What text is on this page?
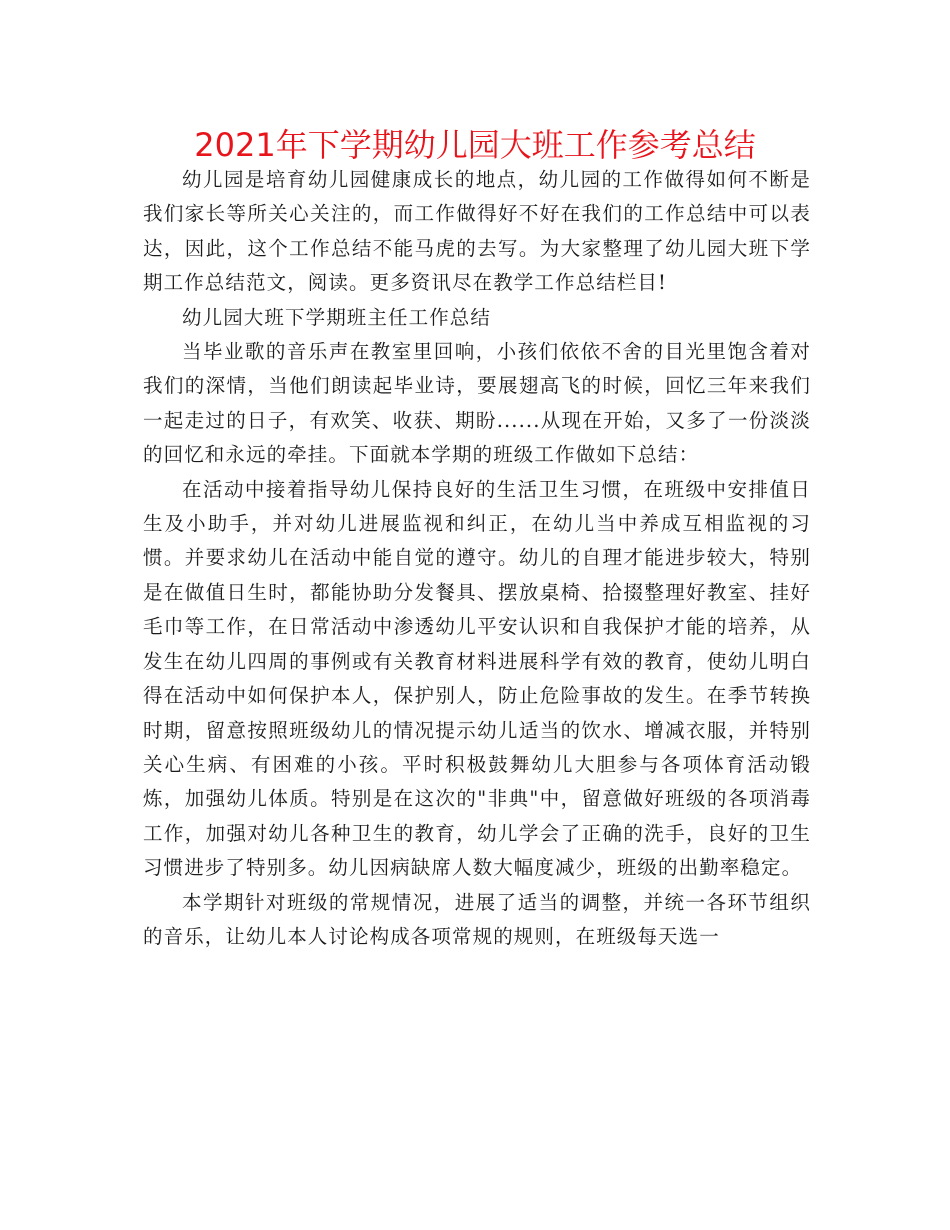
2021年下学期幼儿园大班工作参考总结

幼儿园是培育幼儿园健康成长的地点，幼儿园的工作做得如何不断是我们家长等所关心关注的，而工作做得好不好在我们的工作总结中可以表达，因此，这个工作总结不能马虎的去写。为大家整理了幼儿园大班下学期工作总结范文，阅读。更多资讯尽在教学工作总结栏目!

幼儿园大班下学期班主任工作总结

当毕业歌的音乐声在教室里回响，小孩们依依不舍的目光里饱含着对我们的深情，当他们朗读起毕业诗，要展翅高飞的时候，回忆三年来我们一起走过的日子，有欢笑、收获、期盼......从现在开始，又多了一份淡淡的回忆和永远的牵挂。下面就本学期的班级工作做如下总结：

在活动中接着指导幼儿保持良好的生活卫生习惯，在班级中安排值日生及小助手，并对幼儿进展监视和纠正，在幼儿当中养成互相监视的习惯。并要求幼儿在活动中能自觉的遵守。幼儿的自理才能进步较大，特别是在做值日生时，都能协助分发餐具、摆放桌椅、拾掇整理好教室、挂好毛巾等工作，在日常活动中渗透幼儿平安认识和自我保护才能的培养，从发生在幼儿四周的事例或有关教育材料进展科学有效的教育，使幼儿明白得在活动中如何保护本人，保护别人，防止危险事故的发生。在季节转换时期，留意按照班级幼儿的情况提示幼儿适当的饮水、增减衣服，并特别关心生病、有困难的小孩。平时积极鼓舞幼儿大胆参与各项体育活动锻炼，加强幼儿体质。特别是在这次的"非典"中，留意做好班级的各项消毒工作，加强对幼儿各种卫生的教育，幼儿学会了正确的洗手，良好的卫生习惯进步了特别多。幼儿因病缺席人数大幅度减少，班级的出勤率稳定。

本学期针对班级的常规情况，进展了适当的调整，并统一各环节组织的音乐，让幼儿本人讨论构成各项常规的规则，在班级每天选一
